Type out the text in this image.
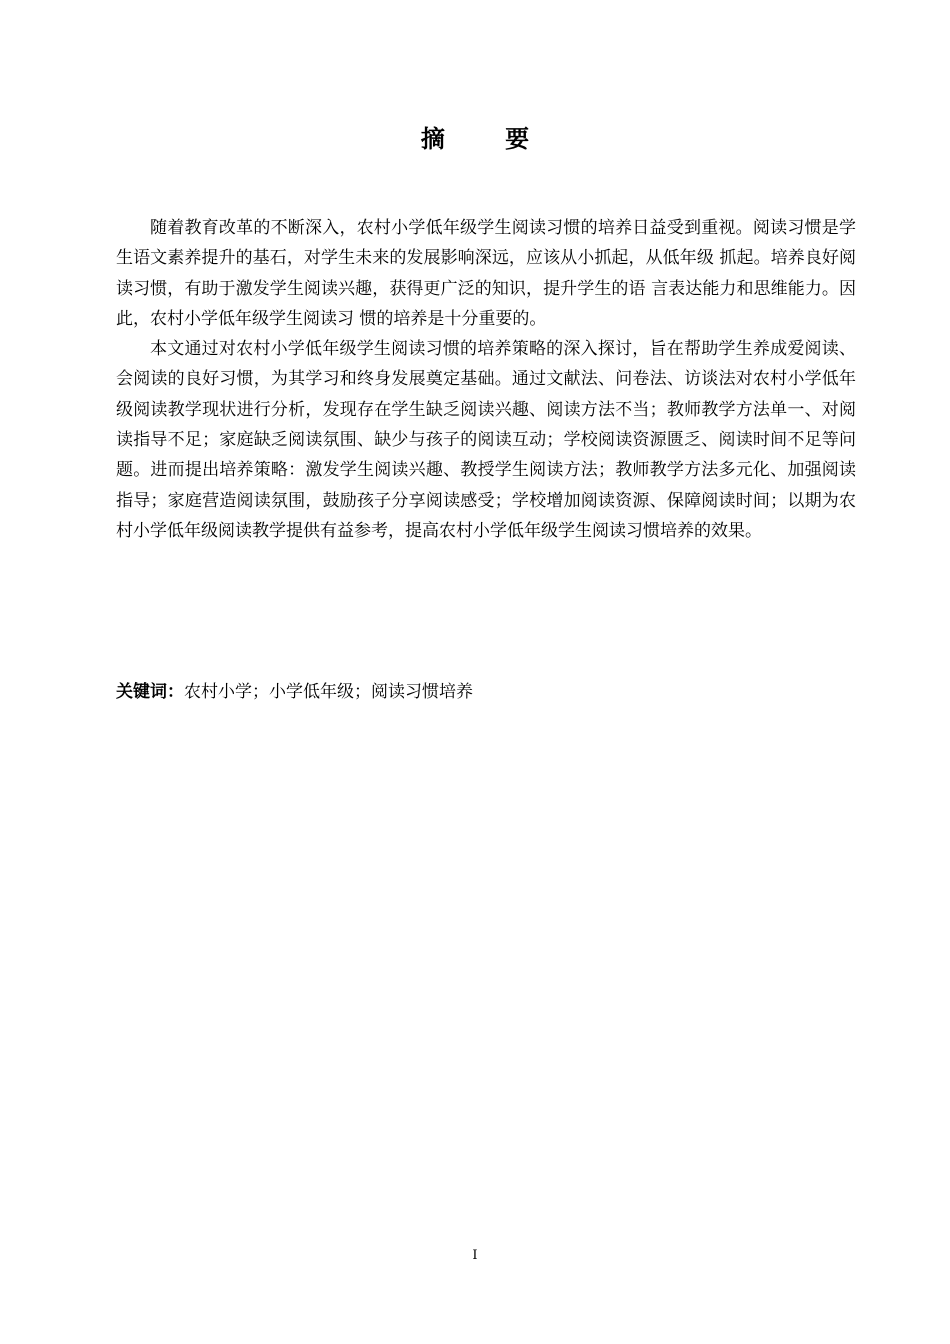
摘 要

随着教育改革的不断深入，农村小学低年级学生阅读习惯的培养日益受到重视。阅读习惯是学生语文素养提升的基石，对学生未来的发展影响深远，应该从小抓起，从低年级 抓起。培养良好阅读习惯，有助于激发学生阅读兴趣，获得更广泛的知识，提升学生的语 言表达能力和思维能力。因此，农村小学低年级学生阅读习 惯的培养是十分重要的。

本文通过对农村小学低年级学生阅读习惯的培养策略的深入探讨，旨在帮助学生养成爱阅读、会阅读的良好习惯，为其学习和终身发展奠定基础。通过文献法、问卷法、访谈法对农村小学低年级阅读教学现状进行分析，发现存在学生缺乏阅读兴趣、阅读方法不当；教师教学方法单一、对阅读指导不足；家庭缺乏阅读氛围、缺少与孩子的阅读互动；学校阅读资源匮乏、阅读时间不足等问题。进而提出培养策略：激发学生阅读兴趣、教授学生阅读方法；教师教学方法多元化、加强阅读指导；家庭营造阅读氛围，鼓励孩子分享阅读感受；学校增加阅读资源、保障阅读时间；以期为农村小学低年级阅读教学提供有益参考，提高农村小学低年级学生阅读习惯培养的效果。

关键词：农村小学；小学低年级；阅读习惯培养
I
